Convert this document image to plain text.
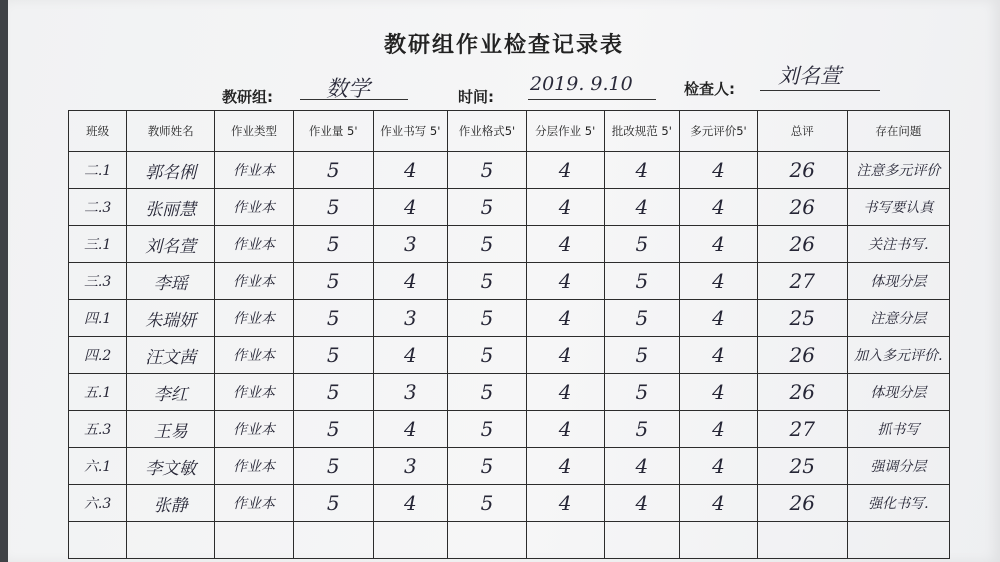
教研组作业检查记录表
教研组: 数学	时间:
2019. 9.10	检查人:
刘名萱
班级	教师姓名	作业类型	作业量 5'	作业书写 5'	作业格式5'	分层作业 5'	批改规范 5'	多元评价5'	总评	存在问题
二.1	郭名俐	作业本	5	4	5	4	4	4	26	注意多元评价
二.3	张丽慧	作业本	5	4	5	4	4	4	26	书写要认真
三.1	刘名萱	作业本	5	3	5	4	5	4	26	关注书写.
三.3	李瑶	作业本	5	4	5	4	5	4	27	体现分层
四.1	朱瑞妍	作业本	5	3	5	4	5	4	25	注意分层
四.2	汪文茜	作业本	5	4	5	4	5	4	26	加入多元评价.
五.1	李红	作业本	5	3	5	4	5	4	26	体现分层
五.3	王易	作业本	5	4	5	4	5	4	27	抓书写
六.1	李文敏	作业本	5	3	5	4	4	4	25	强调分层
六.3	张静	作业本	5	4	5	4	4	4	26	强化书写.
